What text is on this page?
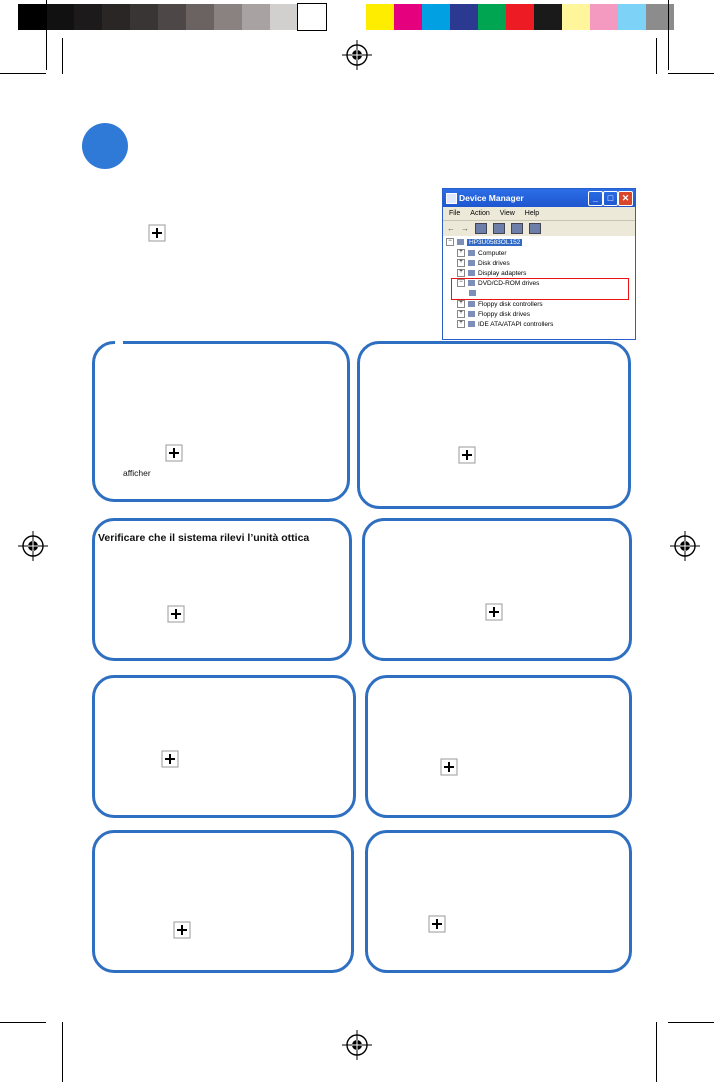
Device Manager	_	□ ✕
File Action View Help
← →
−	HP3U0583OL152
+ Computer
+ Disk drives
+ Display adapters
− DVD/CD-ROM drives
+ Floppy disk controllers
+ Floppy disk drives
+ IDE ATA/ATAPI controllers
afficher
Verificare che il sistema rilevi l’unità ottica
